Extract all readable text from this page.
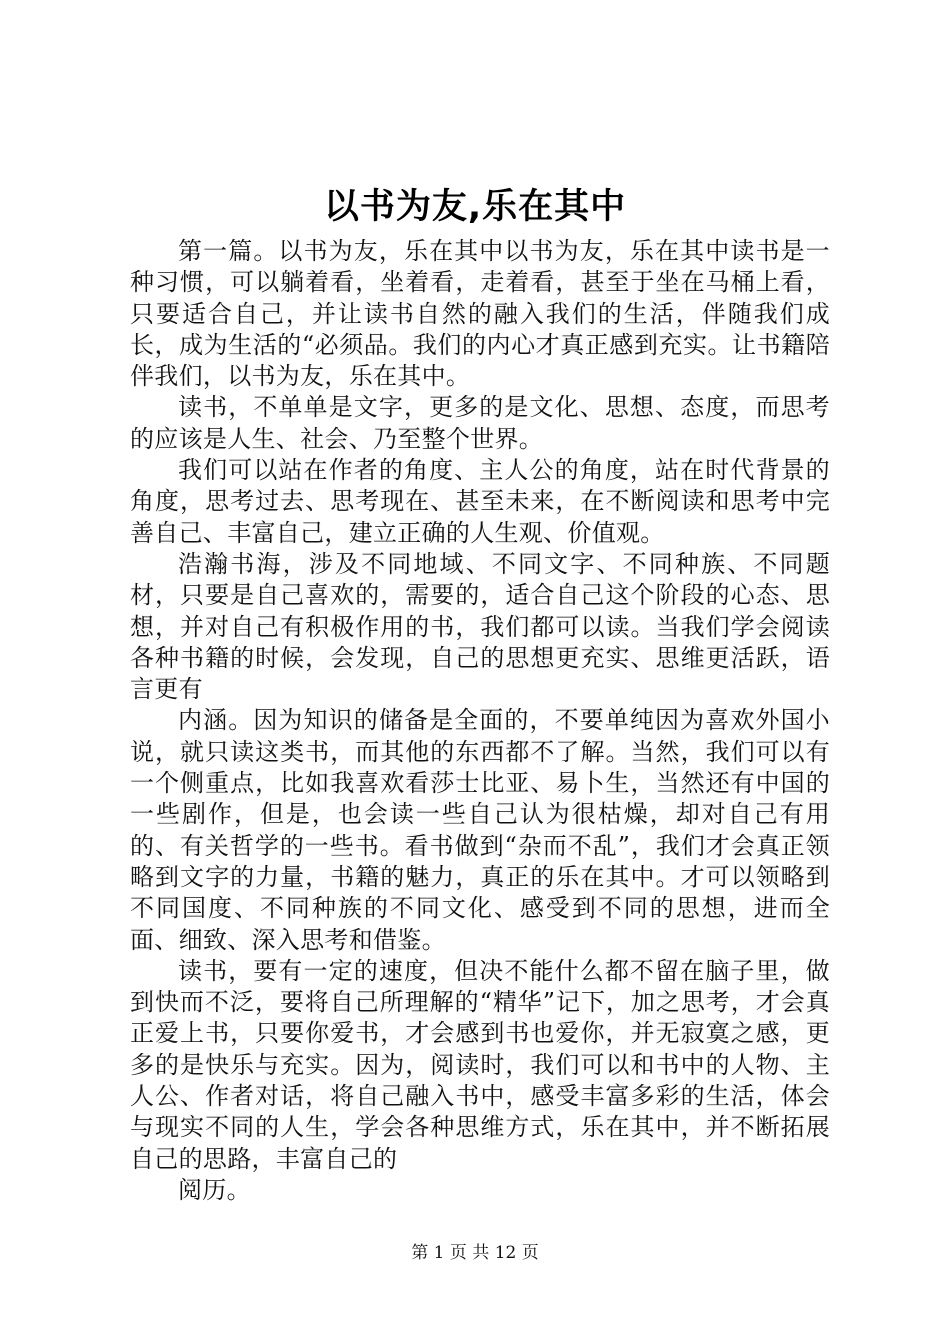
以书为友,乐在其中

第一篇。以书为友，乐在其中以书为友，乐在其中读书是一种习惯，可以躺着看，坐着看，走着看，甚至于坐在马桶上看，只要适合自己，并让读书自然的融入我们的生活，伴随我们成长，成为生活的“必须品。我们的内心才真正感到充实。让书籍陪伴我们，以书为友，乐在其中。

读书，不单单是文字，更多的是文化、思想、态度，而思考的应该是人生、社会、乃至整个世界。

我们可以站在作者的角度、主人公的角度，站在时代背景的角度，思考过去、思考现在、甚至未来，在不断阅读和思考中完善自己、丰富自己，建立正确的人生观、价值观。

浩瀚书海，涉及不同地域、不同文字、不同种族、不同题材，只要是自己喜欢的，需要的，适合自己这个阶段的心态、思想，并对自己有积极作用的书，我们都可以读。当我们学会阅读各种书籍的时候，会发现，自己的思想更充实、思维更活跃，语言更有

内涵。因为知识的储备是全面的，不要单纯因为喜欢外国小说，就只读这类书，而其他的东西都不了解。当然，我们可以有一个侧重点，比如我喜欢看莎士比亚、易卜生，当然还有中国的一些剧作，但是，也会读一些自己认为很枯燥，却对自己有用的、有关哲学的一些书。看书做到“杂而不乱”，我们才会真正领略到文字的力量，书籍的魅力，真正的乐在其中。才可以领略到不同国度、不同种族的不同文化、感受到不同的思想，进而全面、细致、深入思考和借鉴。

读书，要有一定的速度，但决不能什么都不留在脑子里，做到快而不泛，要将自己所理解的“精华”记下，加之思考，才会真正爱上书，只要你爱书，才会感到书也爱你，并无寂寞之感，更多的是快乐与充实。因为，阅读时，我们可以和书中的人物、主人公、作者对话，将自己融入书中，感受丰富多彩的生活，体会与现实不同的人生，学会各种思维方式，乐在其中，并不断拓展自己的思路，丰富自己的

阅历。

第 1 页 共 12 页
